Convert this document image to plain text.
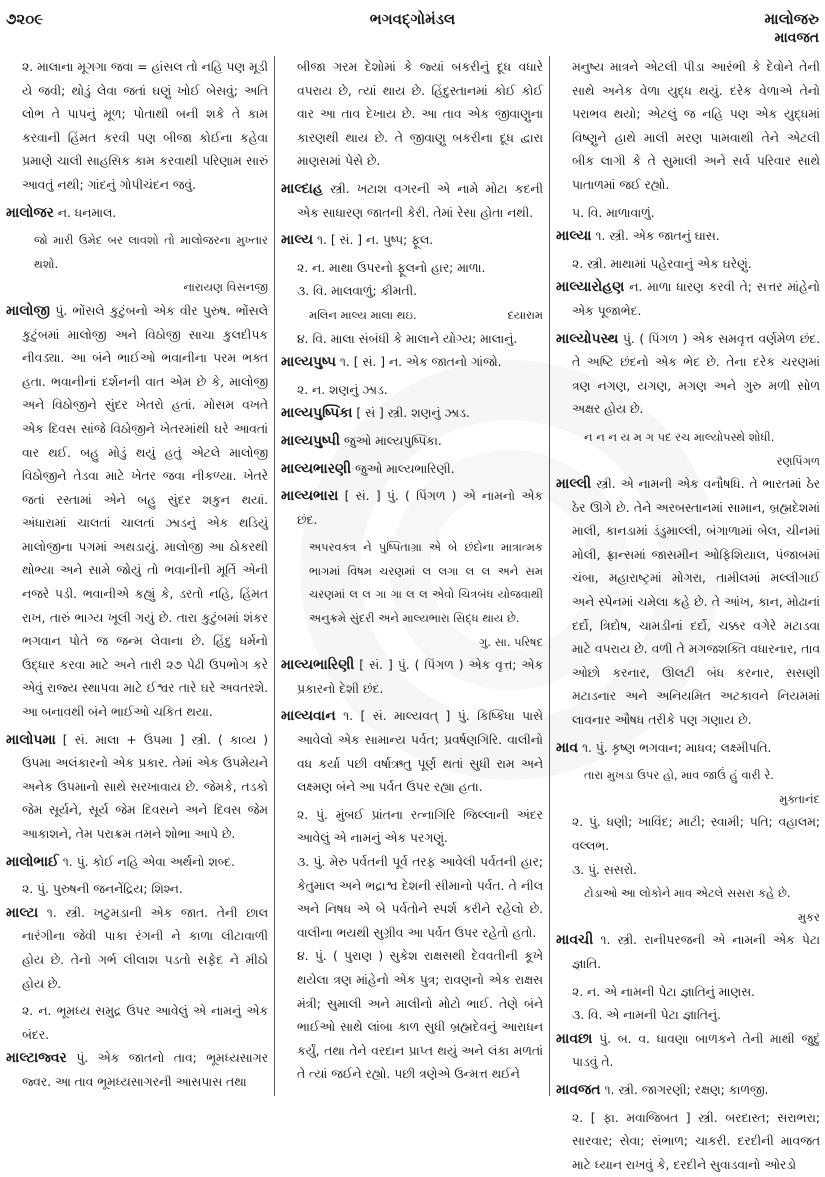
૭૨૦૯	ભગવદ્ગોમંડલ	માલોજરુ
માવજત

૨. માલાના મૂગગા જવા = હાંસલ તો નહિ પણ મૂડી યે જવી; થોડું લેવા જતાં ઘણું ખોઈ બેસવું; અતિ લોભ તે પાપનું મૂળ; પોતાથી બની શકે તે કામ કરવાની હિંમત કરવી પણ બીજા કોઈના કહેવા પ્રમાણે ચાલી સાહસિક કામ કરવાથી પરિણામ સારું આવતું નથી; ગાંદનું ગોપીચંદન જવું.

માલોજર ન. ધનમાલ.

જો મારી ઉમેદ બર લાવશો તો માલોજરના મુખ્તાર થશો.

નારાયણ વિસનજી

માલોજી પું. ભોંસલે કુટુંબનો એક વીર પુરુષ. ભોંસલે કુટુંબમાં માલોજી અને વિઠોજી સાચા કુલદીપક નીવડ્યા. આ બંને ભાઈઓ ભવાનીના પરમ ભક્ત હતા. ભવાનીનાં દર્શનની વાત એમ છે કે, માલોજી અને વિઠોજીને સુંદર ખેતરો હતાં. મોસમ વખતે એક દિવસ સાંજે વિઠોજીને ખેતરમાંથી ઘરે આવતાં વાર થઈ. બહુ મોડું થયું હતું એટલે માલોજી વિઠોજીને તેડવા માટે ખેતર જવા નીકળ્યા. ખેતરે જતાં રસ્તામાં એને બહુ સુંદર શકુન થયાં. અંધારામાં ચાલતાં ચાલતાં ઝાડનું એક થડિયું માલોજીના પગમાં અથડાયું. માલોજી આ ઠોકરથી થોભ્યા અને સામે જોયું તો ભવાનીની મૂર્તિ એની નજરે પડી. ભવાનીએ કહ્યું કે, ડરતો નહિ, હિંમત રાખ, તારું ભાગ્ય ખૂલી ગયું છે. તારા કુટુંબમાં શંકર ભગવાન પોતે જ જન્મ લેવાના છે. હિંદુ ધર્મનો ઉદ્ધાર કરવા માટે અને તારી ૨૭ પેઢી ઉપભોગ કરે એવું રાજ્ય સ્થાપવા માટે ઈશ્વર તારે ઘરે અવતરશે. આ બનાવથી બંને ભાઈઓ ચકિત થયા.

માલોપમા [ સં. માલા + ઉપમા ] સ્ત્રી. ( કાવ્ય ) ઉપમા અલંકારનો એક પ્રકાર. તેમાં એક ઉપમેયને અનેક ઉપમાનો સાથે સરખાવાય છે. જેમકે, તડકો જેમ સૂર્યને, સૂર્ય જેમ દિવસને અને દિવસ જેમ આકાશને, તેમ પરાક્રમ તમને શોભા આપે છે.

માલોભાઈ ૧. પું. કોઈ નહિ એવા અર્થનો શબ્દ.

૨. પું. પુરુષની જનનેંદ્રિય; શિશ્ન.

માલ્ટા ૧. સ્ત્રી. ખટુમડાની એક જાત. તેની છાલ નારંગીના જેવી પાકા રંગની ને કાળા લીટાવાળી હોય છે. તેનો ગર્ભ લીલાશ પડતો સફેદ ને મીઠો હોય છે.

૨. ન. ભૂમધ્ય સમુદ્ર ઉપર આવેલું એ નામનું એક બંદર.

માલ્ટાજ્વર પું. એક જાતનો તાવ; ભૂમધ્યસાગર જ્વર. આ તાવ ભૂમધ્યસાગરની આસપાસ તથા

બીજા ગરમ દેશોમાં કે જ્યાં બકરીનું દૂધ વધારે વપરાય છે, ત્યાં થાય છે. હિંદુસ્તાનમાં કોઈ કોઈ વાર આ તાવ દેખાય છે. આ તાવ એક જીવાણુના કારણથી થાય છે. તે જીવાણુ બકરીના દૂધ દ્વારા માણસમાં પેસે છે.

માલ્દાહ સ્ત્રી. ખટાશ વગરની એ નામે મોટા કદની એક સાધારણ જાતની કેરી. તેમાં રેસા હોતા નથી.

માલ્ય ૧. [ સં. ] ન. પુષ્પ; ફૂલ.

૨. ન. માથા ઉપરનો ફૂલનો હાર; માળા.

૩. વિ. માલવાળું; કીમતી.

મલિન માલ્ય માલા થઇ.	દયારામ

૪. વિ. માલા સંબંધી કે માલાને યોગ્ય; માલાનું.

માલ્યપુષ્પ ૧. [ સં. ] ન. એક જાતનો ગાંજો.

૨. ન. શણનું ઝાડ.

માલ્યપુષ્પિકા [ સં ] સ્ત્રી. શણનું ઝાડ.

માલ્યપુષ્પી જુઓ માલ્યપુષ્પિકા.

માલ્યભારણી જુઓ માલ્યભારિણી.

માલ્યભારા [ સં. ] પું. ( પિંગળ ) એ નામનો એક છંદ.

અપરવક્ત્ર ને પુષ્પિતાગ્રા એ બે છંદોના માત્રાત્મક ભાગમાં વિષમ ચરણમાં લ લગા લ લ અને સમ ચરણમાં લ લ ગા ગા લ લ એવો ચિત્રબંધ યોજવાથી અનુક્રમે સુંદરી અને માલ્યભારા સિદ્ધ થાય છે.

ગુ. સા. પરિષદ

માલ્યભારિણી [ સં. ] પું. ( પિંગળ ) એક વૃત્ત; એક પ્રકારનો દેશી છંદ.

માલ્યવાન ૧. [ સં. માલ્યવત્ ] પું. કિષ્કિંધા પાસે આવેલો એક સામાન્ય પર્વત; પ્રવર્ષણગિરિ. વાલીનો વધ કર્યા પછી વર્ષાઋતુ પૂર્ણ થતાં સુધી રામ અને લક્ષ્મણ બંને આ પર્વત ઉપર રહ્યા હતા.

૨. પું. મુંબઈ પ્રાંતના રત્નાગિરિ જિલ્લાની અંદર આવેલું એ નામનું એક પરગણું.

૩. પું. મેરુ પર્વતની પૂર્વ તરફ આવેલી પર્વતની હાર; કેતુમાલ અને ભદ્રાશ્વ દેશની સીમાનો પર્વત. તે નીલ અને નિષધ એ બે પર્વતોને સ્પર્શ કરીને રહેલો છે. વાલીના ભયથી સુગ્રીવ આ પર્વત ઉપર રહેતો હતો.

૪. પું. ( પુરાણ ) સુકેશ રાક્ષસથી દેવવતીની કૂખે થયેલા ત્રણ માંહેનો એક પુત્ર; રાવણનો એક રાક્ષસ મંત્રી; સુમાલી અને માલીનો મોટો ભાઈ. તેણે બંને ભાઈઓ સાથે લાંબા કાળ સુધી બ્રહ્મદેવનું આરાધન કર્યું, તથા તેને વરદાન પ્રાપ્ત થયું અને લંકા મળતાં તે ત્યાં જઈને રહ્યો. પછી ત્રણેએ ઉન્મત્ત થઈને

મનુષ્ય માત્રને એટલી પીડા આરંભી કે દેવોને તેની સાથે અનેક વેળા યુદ્ધ થયું. દરેક વેળાએ તેનો પરાભવ થયો; એટલું જ નહિ પણ એક યુદ્ધમાં વિષ્ણુને હાથે માલી મરણ પામવાથી તેને એટલી બીક લાગી કે તે સુમાલી અને સર્વ પરિવાર સાથે પાતાળમાં જઈ રહ્યો.

૫. વિ. માળાવાળું.

માલ્યા ૧. સ્ત્રી. એક જાતનું ઘાસ.

૨. સ્ત્રી. માથામાં પહેરવાનું એક ઘરેણું.

માલ્યારોહણ ન. માળા ધારણ કરવી તે; સત્તર માંહેનો એક પૂજાભેદ.

માલ્યોપસ્થ પું. ( પિંગળ ) એક સમવૃત્ત વર્ણમેળ છંદ. તે અષ્ટિ છંદનો એક ભેદ છે. તેના દરેક ચરણમાં ત્રણ નગણ, યગણ, મગણ અને ગુરુ મળી સોળ અક્ષર હોય છે.

ન ન ન ય મ ગ પદ રચ માલ્યોપસ્થે શોધી.

રણપિંગળ

માલ્લી સ્ત્રી. એ નામની એક વનૌષધિ. તે ભારતમાં ઠેર ઠેર ઊગે છે. તેને અરબસ્તાનમાં સામાન, બ્રહ્મદેશમાં માલી, કાનડામાં ડંડુમાલ્લી, બંગાળામાં બેલ, ચીનમાં મોલી, ફ્રાન્સમાં જાસમીન ઓફિશિયાલ, પંજાબમાં ચંબા, મહારાષ્ટ્રમાં મોગરા, તામીલમાં મલ્લીગાઈ અને સ્પેનમાં ચમેલા કહે છે. તે આંખ, કાન, મોઢાનાં દર્દો, ત્રિદોષ, ચામડીનાં દર્દો, ચક્કર વગેરે મટાડવા માટે વપરાય છે. વળી તે મગજશક્તિ વધારનાર, તાવ ઓછો કરનાર, ઊલટી બંધ કરનાર, સસણી મટાડનાર અને અનિયમિત અટકાવને નિયમમાં લાવનાર ઔષધ તરીકે પણ ગણાય છે.

માવ ૧. પું. કૃષ્ણ ભગવાન; માધવ; લક્ષ્મીપતિ.

તારા મુખડા ઉપર હો, માવ જાઉં હું વારી રે.

મુક્તાનંદ

૨. પું. ધણી; ખાવિંદ; માટી; સ્વામી; પતિ; વહાલમ; વલ્લભ.

૩. પું. સસરો.

ટોડાઓ આ લોકોને માવ એટલે સસરા કહે છે.

મુકર

માવચી ૧. સ્ત્રી. રાનીપરજની એ નામની એક પેટા જ્ઞાતિ.

૨. ન. એ નામની પેટા જ્ઞાતિનું માણસ.

૩. વિ. એ નામની પેટા જ્ઞાતિનું.

માવછા પું. બ. વ. ધાવણા બાળકને તેની માથી જુદું પાડવું તે.

માવજત ૧. સ્ત્રી. જાગરણી; રક્ષણ; કાળજી.

૨. [ ફા. મવાજિબત ] સ્ત્રી. બરદાસ્ત; સરાભરા; સારવાર; સેવા; સંભાળ; ચાકરી. દરદીની માવજત માટે ધ્યાન રાખવું કે, દરદીને સુવાડવાનો ઓરડો
